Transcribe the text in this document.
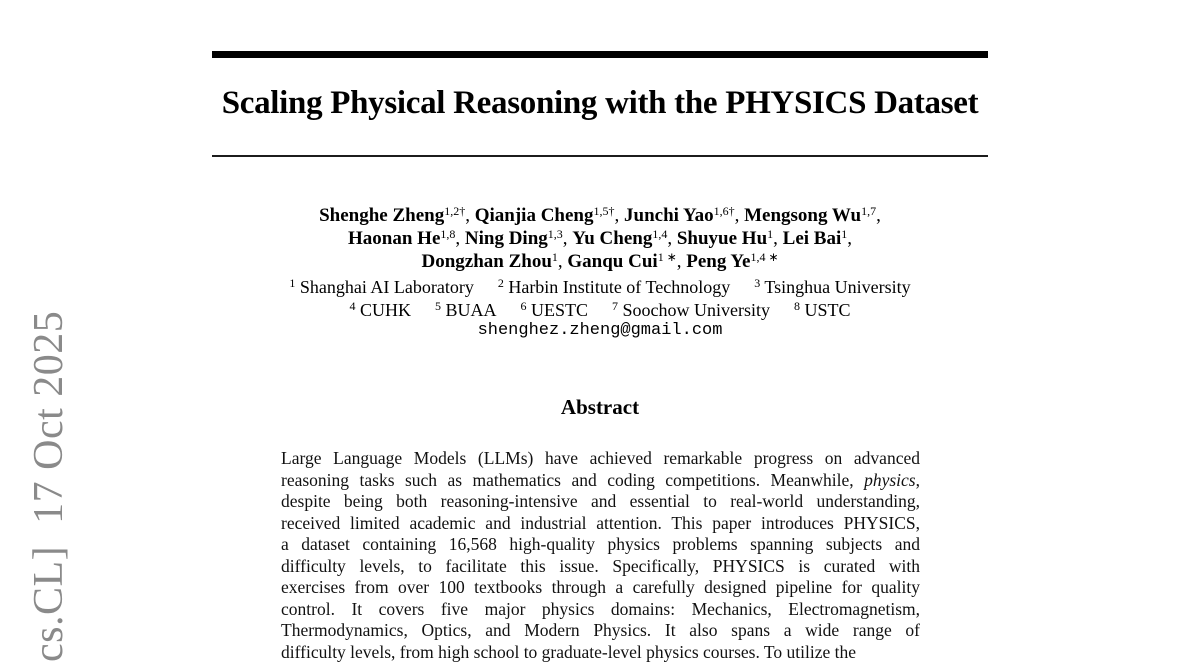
cs.CL]  17 Oct 2025
Scaling Physical Reasoning with the PHYSICS Dataset
Shenghe Zheng$^{1,2\dagger}$, Qianjia Cheng$^{1,5\dagger}$, Junchi Yao$^{1,6\dagger}$, Mengsong Wu$^{1,7}$,
Haonan He$^{1,8}$, Ning Ding$^{1,3}$, Yu Cheng$^{1,4}$, Shuyue Hu$^1$, Lei Bai$^1$,
Dongzhan Zhou$^1$, Ganqu Cui$^{1 ∗}$, Peng $Ye^{1,4 ∗}$
$^1$ Shanghai AI Laboratory $^2$ Harbin Institute of Technology $^3$ Tsinghua University
$^4$ CUHK $^5$ BUAA $^6$ UESTC $^7$ Soochow University $^8$ USTC
shenghez.zheng@gmail.com
Abstract
Large Language Models (LLMs) have achieved remarkable progress on advanced
reasoning tasks such as mathematics and coding competitions. Meanwhile, physics,
despite being both reasoning-intensive and essential to real-world understanding,
received limited academic and industrial attention. This paper introduces PHYSICS,
a dataset containing 16,568 high-quality physics problems spanning subjects and
difficulty levels, to facilitate this issue. Specifically, PHYSICS is curated with
exercises from over 100 textbooks through a carefully designed pipeline for quality
control. It covers five major physics domains: Mechanics, Electromagnetism,
Thermodynamics, Optics, and Modern Physics. It also spans a wide range of
difficulty levels, from high school to graduate-level physics courses. To utilize the
